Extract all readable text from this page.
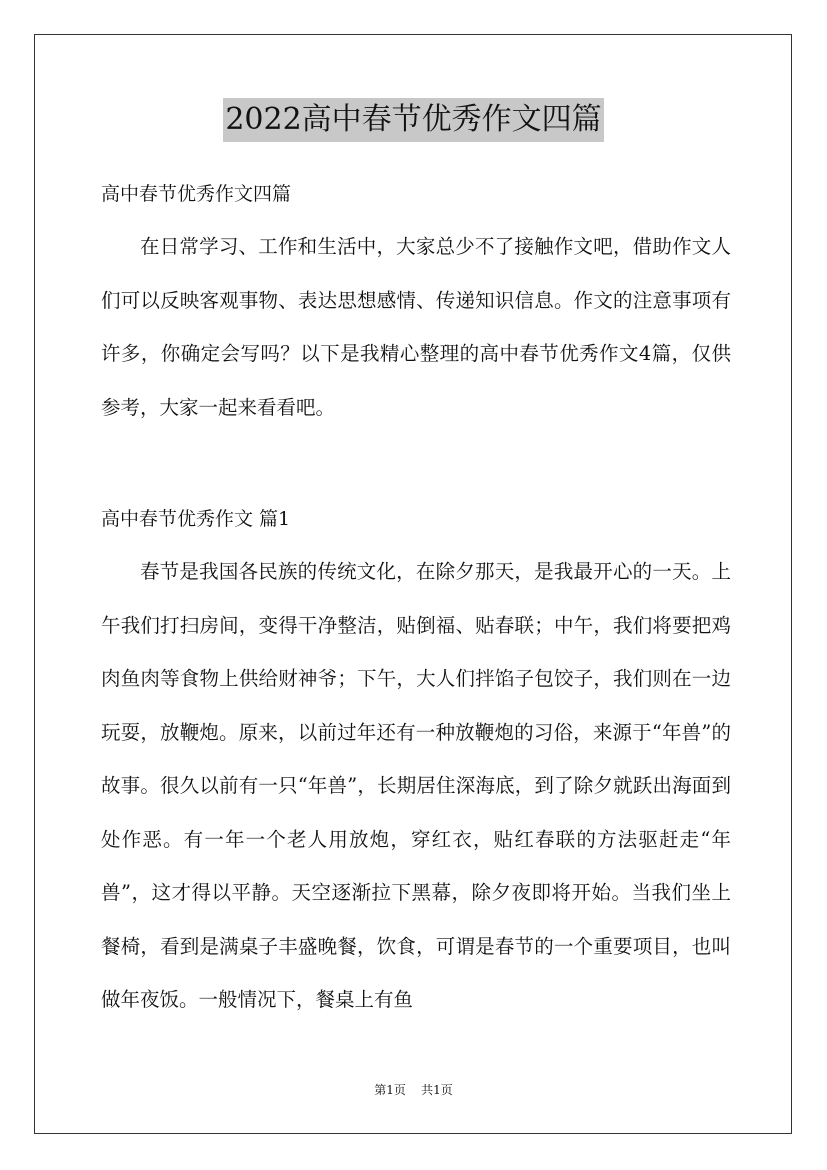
2022高中春节优秀作文四篇
高中春节优秀作文四篇

在日常学习、工作和生活中，大家总少不了接触作文吧，借助作文人们可以反映客观事物、表达思想感情、传递知识信息。作文的注意事项有许多，你确定会写吗？以下是我精心整理的高中春节优秀作文4篇，仅供参考，大家一起来看看吧。

高中春节优秀作文 篇1

春节是我国各民族的传统文化，在除夕那天，是我最开心的一天。上午我们打扫房间，变得干净整洁，贴倒福、贴春联；中午，我们将要把鸡肉鱼肉等食物上供给财神爷；下午，大人们拌馅子包饺子，我们则在一边玩耍，放鞭炮。原来，以前过年还有一种放鞭炮的习俗，来源于“年兽”的故事。很久以前有一只“年兽”，长期居住深海底，到了除夕就跃出海面到处作恶。有一年一个老人用放炮，穿红衣，贴红春联的方法驱赶走“年兽”，这才得以平静。天空逐渐拉下黑幕，除夕夜即将开始。当我们坐上餐椅，看到是满桌子丰盛晚餐，饮食，可谓是春节的一个重要项目，也叫做年夜饭。一般情况下，餐桌上有鱼

第1页 共1页
